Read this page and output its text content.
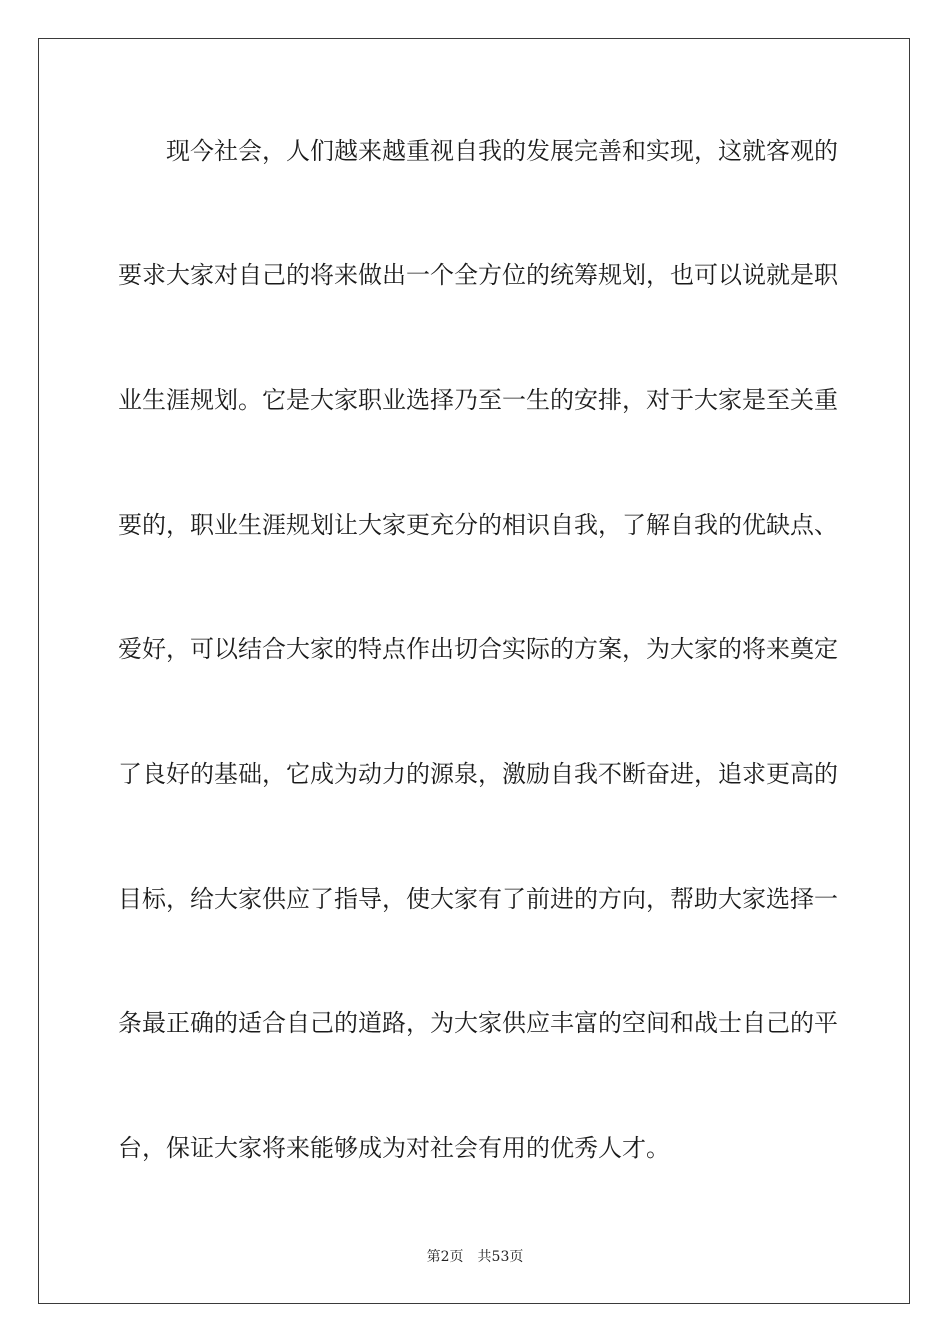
现今社会，人们越来越重视自我的发展完善和实现，这就客观的
要求大家对自己的将来做出一个全方位的统筹规划，也可以说就是职
业生涯规划。它是大家职业选择乃至一生的安排，对于大家是至关重
要的，职业生涯规划让大家更充分的相识自我，了解自我的优缺点、
爱好，可以结合大家的特点作出切合实际的方案，为大家的将来奠定
了良好的基础，它成为动力的源泉，激励自我不断奋进，追求更高的
目标，给大家供应了指导，使大家有了前进的方向，帮助大家选择一
条最正确的适合自己的道路，为大家供应丰富的空间和战士自己的平
台，保证大家将来能够成为对社会有用的优秀人才。
第2页 共53页
